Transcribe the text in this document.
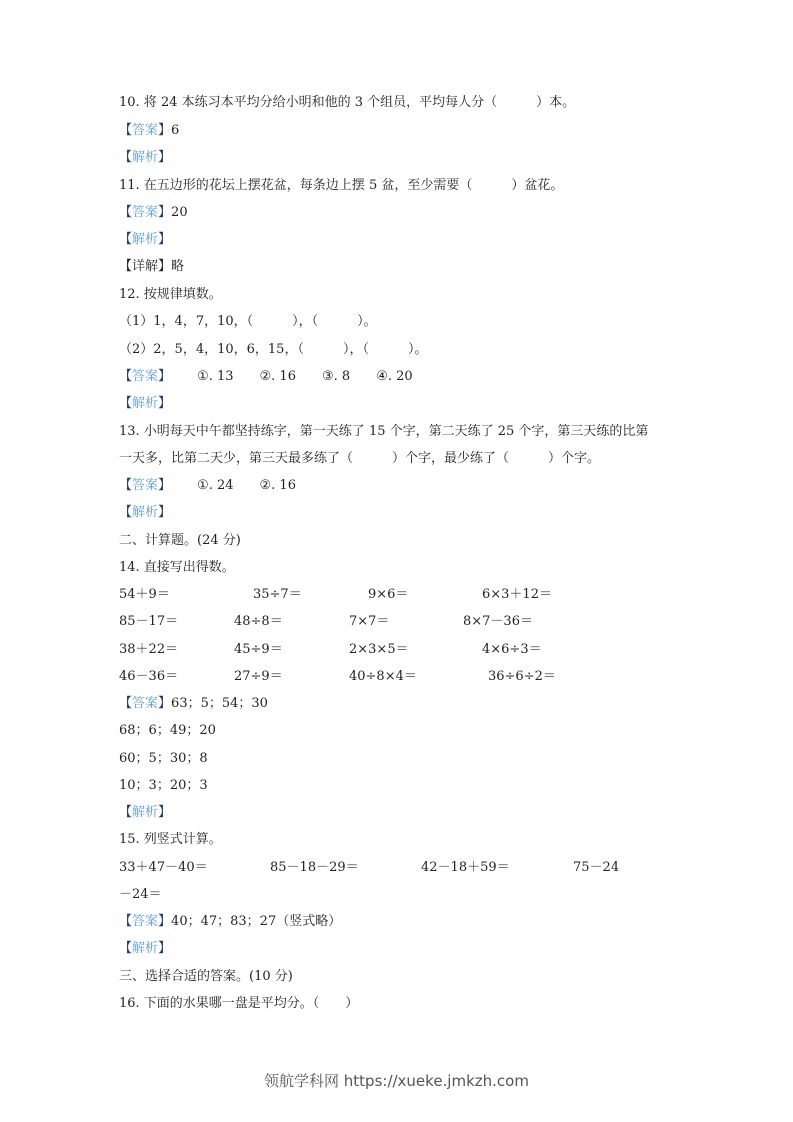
10. 将 24 本练习本平均分给小明和他的 3 个组员，平均每人分（　　　）本。
【答案】6
【解析】
11. 在五边形的花坛上摆花盆，每条边上摆 5 盆，至少需要（　　　）盆花。
【答案】20
【解析】
【详解】略
12. 按规律填数。
（1）1，4，7，10，（　　　），（　　　）。
（2）2，5，4，10，6，15，（　　　），（　　　）。
【答案】 ①. 13 ②. 16 ③. 8 ④. 20
【解析】
13. 小明每天中午都坚持练字，第一天练了 15 个字，第二天练了 25 个字，第三天练的比第
一天多，比第二天少，第三天最多练了（　　　）个字，最少练了（　　　）个字。
【答案】 ①. 24 ②. 16
【解析】
二、计算题。(24 分)
14. 直接写出得数。
54＋9＝	35÷7＝	9×6＝	6×3＋12＝
85－17＝	48÷8＝	7×7＝	8×7－36＝
38＋22＝	45÷9＝	2×3×5＝	4×6÷3＝
46－36＝	27÷9＝	40÷8×4＝	36÷6÷2＝
【答案】63；5；54；30
68；6；49；20
60；5；30；8
10；3；20；3
【解析】
15. 列竖式计算。
33＋47－40＝	85－18－29＝	42－18＋59＝	75－24
－24＝
【答案】40；47；83；27（竖式略）
【解析】
三、选择合适的答案。(10 分)
16. 下面的水果哪一盘是平均分。（　　）
领航学科网 https://xueke.jmkzh.com
